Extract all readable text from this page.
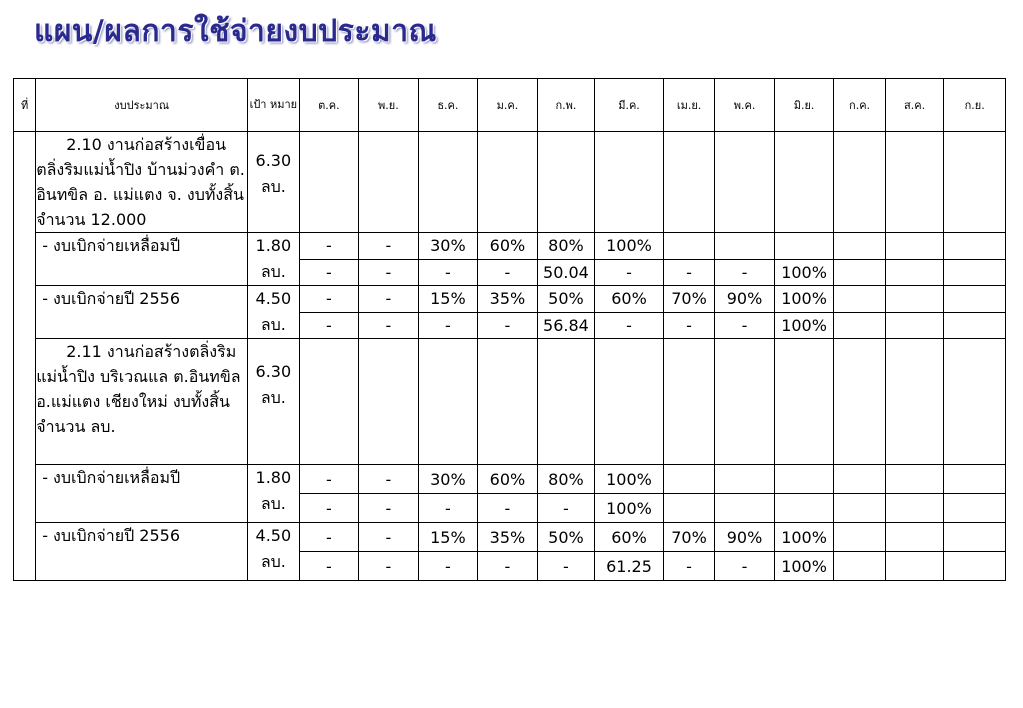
แผน/ผลการใช้จ่ายงบประมาณ
ที่	งบประมาณ	เป้า หมาย	ต.ค.	พ.ย.	ธ.ค.	ม.ค.	ก.พ.	มี.ค.	เม.ย.	พ.ค.	มิ.ย.	ก.ค.	ส.ค.	ก.ย.

	2.10 งานก่อสร้างเขื่อนตลิ่งริมแม่น้ำปิง บ้านม่วงคำ ต. อินทขิล อ. แม่แตง จ. งบทั้งสิ้น จำนวน 12.000	6.30 ลบ.												
	- งบเบิกจ่ายเหลื่อมปี	1.80 ลบ.	-	-	30%	60%	80%	100%						
			-	-	-	-	50.04	-	-	-	100%			
	- งบเบิกจ่ายปี 2556	4.50 ลบ.	-	-	15%	35%	50%	60%	70%	90%	100%			
			-	-	-	-	56.84	-	-	-	100%			

	2.11 งานก่อสร้างตลิ่งริมแม่น้ำปิง บริเวณแล ต.อินทขิล อ.แม่แตง เชียงใหม่ งบทั้งสิ้น จำนวน ลบ.	6.30 ลบ.												
	- งบเบิกจ่ายเหลื่อมปี	1.80 ลบ.	-	-	30%	60%	80%	100%						
			-	-	-	-	-	100%						
	- งบเบิกจ่ายปี 2556	4.50 ลบ.	-	-	15%	35%	50%	60%	70%	90%	100%			
			-	-	-	-	-	61.25	-	-	100%			
